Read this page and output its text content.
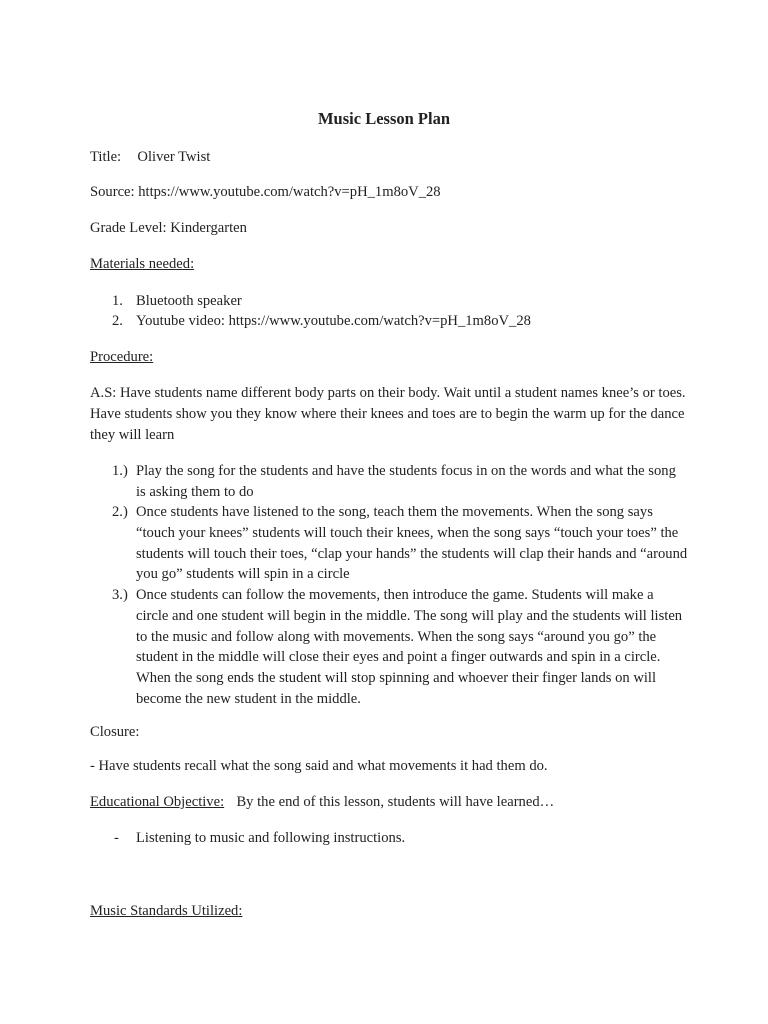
Music Lesson Plan
Title: Oliver Twist
Source: https://www.youtube.com/watch?v=pH_1m8oV_28
Grade Level: Kindergarten
Materials needed:
1. Bluetooth speaker
2. Youtube video: https://www.youtube.com/watch?v=pH_1m8oV_28
Procedure:
A.S: Have students name different body parts on their body. Wait until a student names knee’s or toes. Have students show you they know where their knees and toes are to begin the warm up for the dance they will learn
1.) Play the song for the students and have the students focus in on the words and what the song is asking them to do
2.) Once students have listened to the song, teach them the movements. When the song says “touch your knees” students will touch their knees, when the song says “touch your toes” the students will touch their toes, “clap your hands” the students will clap their hands and “around you go” students will spin in a circle
3.) Once students can follow the movements, then introduce the game. Students will make a circle and one student will begin in the middle. The song will play and the students will listen to the music and follow along with movements. When the song says “around you go” the student in the middle will close their eyes and point a finger outwards and spin in a circle. When the song ends the student will stop spinning and whoever their finger lands on will become the new student in the middle.
Closure:
- Have students recall what the song said and what movements it had them do.
Educational Objective: By the end of this lesson, students will have learned…
-	Listening to music and following instructions.
Music Standards Utilized:
